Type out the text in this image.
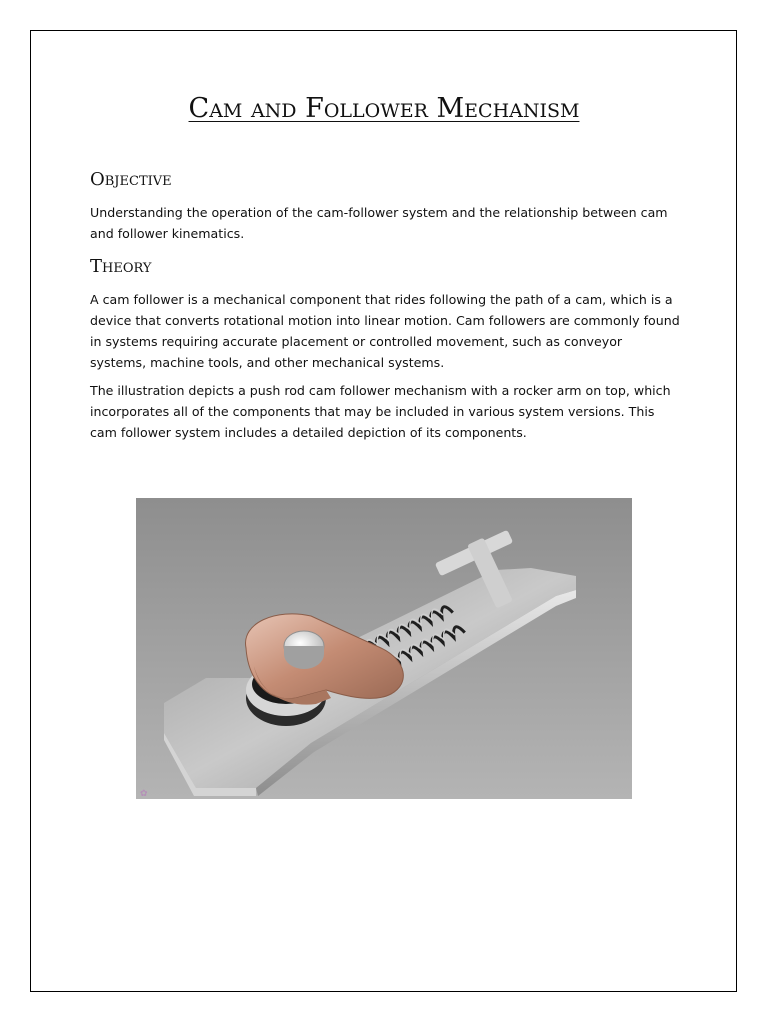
Cam and Follower Mechanism
Objective
Understanding the operation of the cam-follower system and the relationship between cam and follower kinematics.
Theory
A cam follower is a mechanical component that rides following the path of a cam, which is a device that converts rotational motion into linear motion. Cam followers are commonly found in systems requiring accurate placement or controlled movement, such as conveyor systems, machine tools, and other mechanical systems.
The illustration depicts a push rod cam follower mechanism with a rocker arm on top, which incorporates all of the components that may be included in various system versions. This cam follower system includes a detailed depiction of its components.
✿
